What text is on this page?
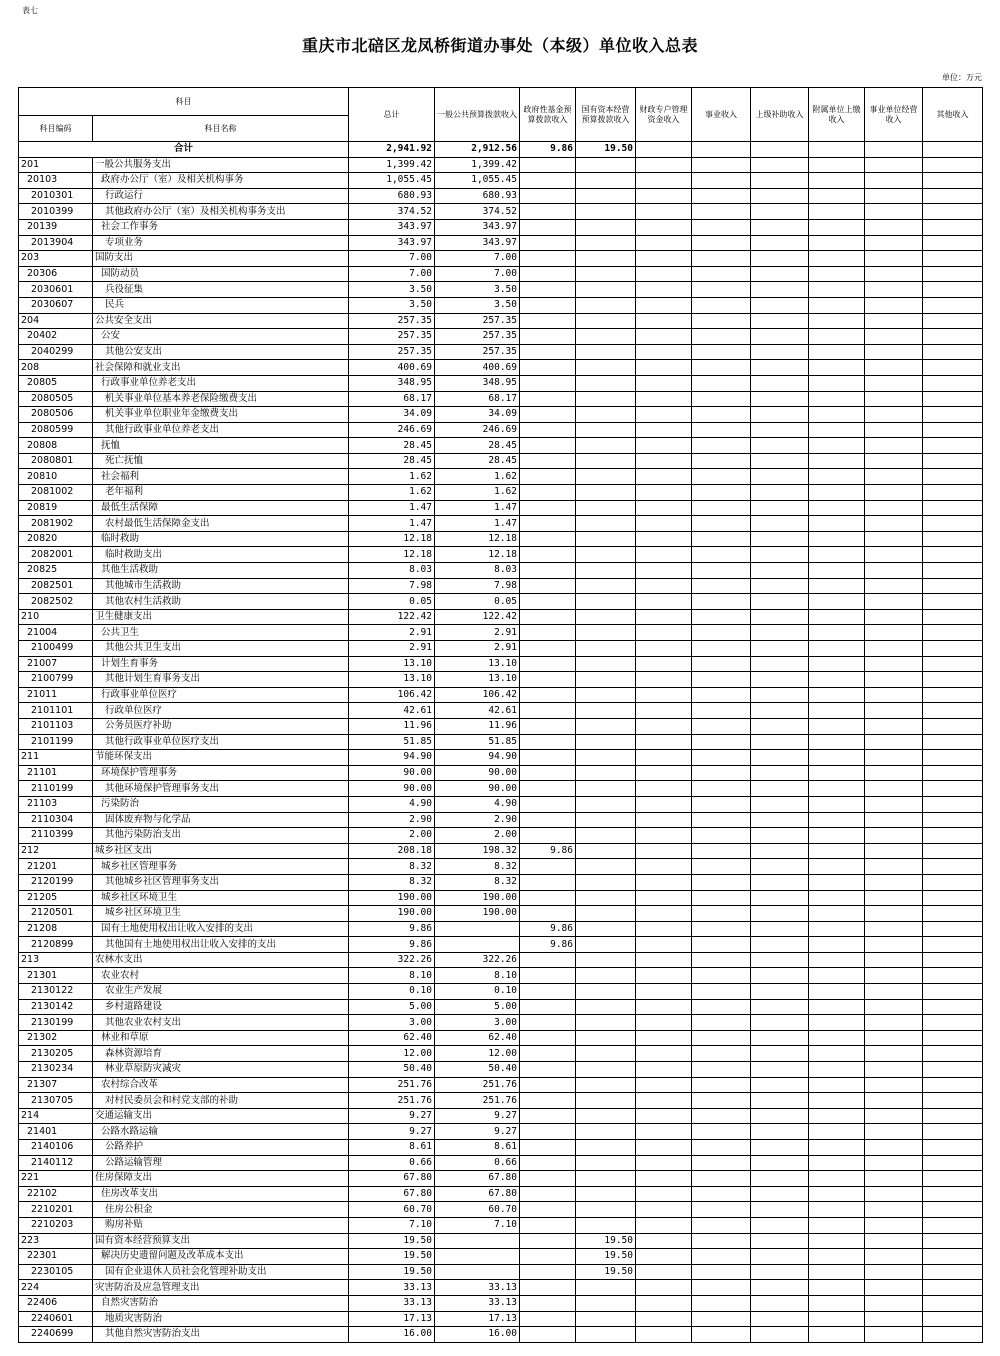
表七
重庆市北碚区龙凤桥街道办事处（本级）单位收入总表
单位：万元
科目		总计	一般公共预算拨款收入	政府性基金预算拨款收入	国有资本经营预算拨款收入	财政专户管理资金收入	事业收入	上级补助收入	附属单位上缴收入	事业单位经营收入	其他收入
科目编码	科目名称										
合计		2,941.92	2,912.56	9.86	19.50						
201	一般公共服务支出	1,399.42	1,399.42								
20103	政府办公厅（室）及相关机构事务	1,055.45	1,055.45								
2010301	行政运行	680.93	680.93								
2010399	其他政府办公厅（室）及相关机构事务支出	374.52	374.52								
20139	社会工作事务	343.97	343.97								
2013904	专项业务	343.97	343.97								
203	国防支出	7.00	7.00								
20306	国防动员	7.00	7.00								
2030601	兵役征集	3.50	3.50								
2030607	民兵	3.50	3.50								
204	公共安全支出	257.35	257.35								
20402	公安	257.35	257.35								
2040299	其他公安支出	257.35	257.35								
208	社会保障和就业支出	400.69	400.69								
20805	行政事业单位养老支出	348.95	348.95								
2080505	机关事业单位基本养老保险缴费支出	68.17	68.17								
2080506	机关事业单位职业年金缴费支出	34.09	34.09								
2080599	其他行政事业单位养老支出	246.69	246.69								
20808	抚恤	28.45	28.45								
2080801	死亡抚恤	28.45	28.45								
20810	社会福利	1.62	1.62								
2081002	老年福利	1.62	1.62								
20819	最低生活保障	1.47	1.47								
2081902	农村最低生活保障金支出	1.47	1.47								
20820	临时救助	12.18	12.18								
2082001	临时救助支出	12.18	12.18								
20825	其他生活救助	8.03	8.03								
2082501	其他城市生活救助	7.98	7.98								
2082502	其他农村生活救助	0.05	0.05								
210	卫生健康支出	122.42	122.42								
21004	公共卫生	2.91	2.91								
2100499	其他公共卫生支出	2.91	2.91								
21007	计划生育事务	13.10	13.10								
2100799	其他计划生育事务支出	13.10	13.10								
21011	行政事业单位医疗	106.42	106.42								
2101101	行政单位医疗	42.61	42.61								
2101103	公务员医疗补助	11.96	11.96								
2101199	其他行政事业单位医疗支出	51.85	51.85								
211	节能环保支出	94.90	94.90								
21101	环境保护管理事务	90.00	90.00								
2110199	其他环境保护管理事务支出	90.00	90.00								
21103	污染防治	4.90	4.90								
2110304	固体废弃物与化学品	2.90	2.90								
2110399	其他污染防治支出	2.00	2.00								
212	城乡社区支出	208.18	198.32	9.86							
21201	城乡社区管理事务	8.32	8.32								
2120199	其他城乡社区管理事务支出	8.32	8.32								
21205	城乡社区环境卫生	190.00	190.00								
2120501	城乡社区环境卫生	190.00	190.00								
21208	国有土地使用权出让收入安排的支出	9.86		9.86							
2120899	其他国有土地使用权出让收入安排的支出	9.86		9.86							
213	农林水支出	322.26	322.26								
21301	农业农村	8.10	8.10								
2130122	农业生产发展	0.10	0.10								
2130142	乡村道路建设	5.00	5.00								
2130199	其他农业农村支出	3.00	3.00								
21302	林业和草原	62.40	62.40								
2130205	森林资源培育	12.00	12.00								
2130234	林业草原防灾减灾	50.40	50.40								
21307	农村综合改革	251.76	251.76								
2130705	对村民委员会和村党支部的补助	251.76	251.76								
214	交通运输支出	9.27	9.27								
21401	公路水路运输	9.27	9.27								
2140106	公路养护	8.61	8.61								
2140112	公路运输管理	0.66	0.66								
221	住房保障支出	67.80	67.80								
22102	住房改革支出	67.80	67.80								
2210201	住房公积金	60.70	60.70								
2210203	购房补贴	7.10	7.10								
223	国有资本经营预算支出	19.50			19.50						
22301	解决历史遗留问题及改革成本支出	19.50			19.50						
2230105	国有企业退休人员社会化管理补助支出	19.50			19.50						
224	灾害防治及应急管理支出	33.13	33.13								
22406	自然灾害防治	33.13	33.13								
2240601	地质灾害防治	17.13	17.13								
2240699	其他自然灾害防治支出	16.00	16.00								
